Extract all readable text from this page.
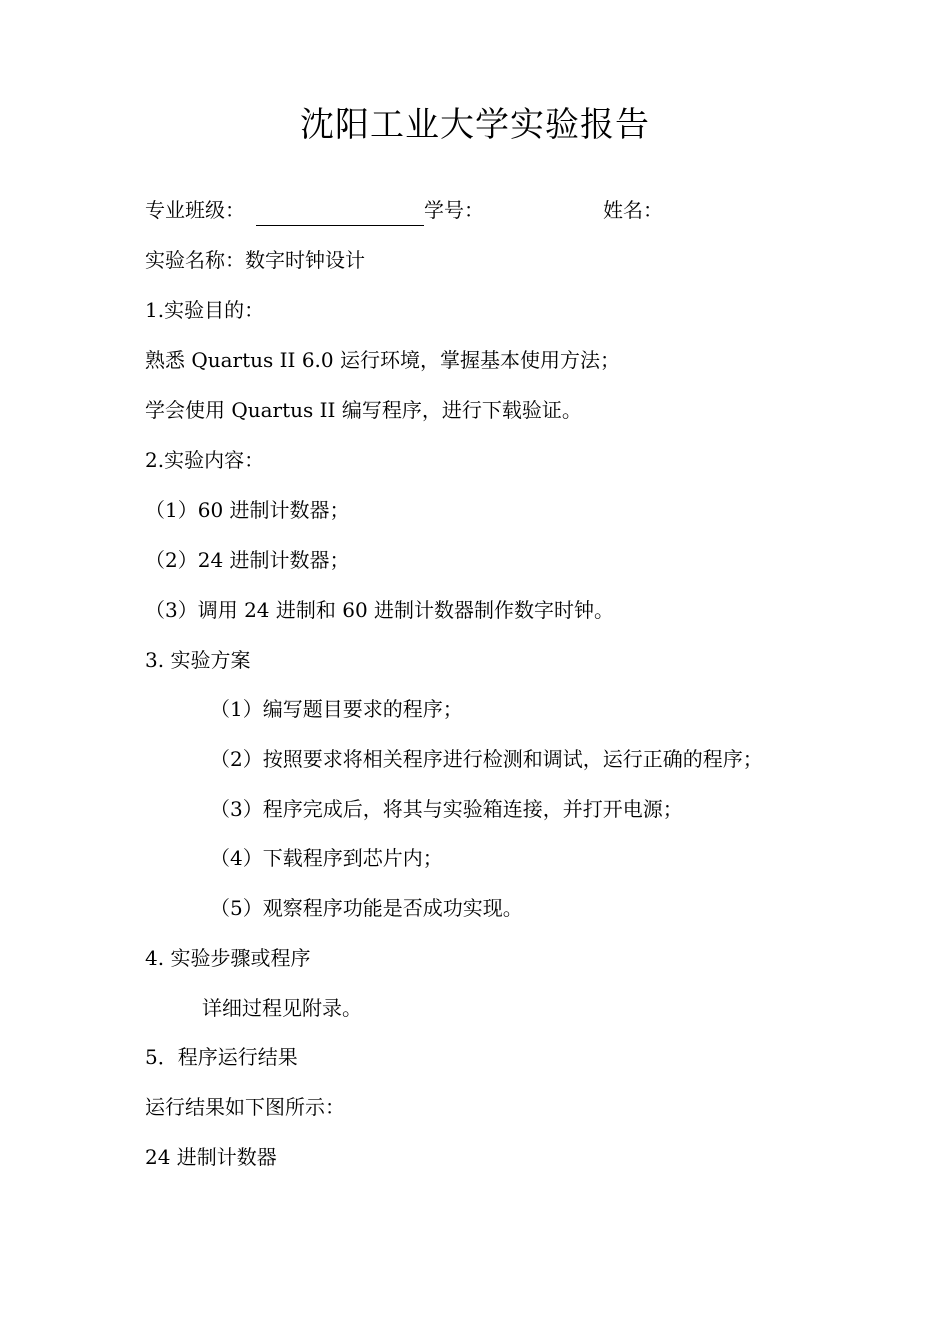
沈阳工业大学实验报告
专业班级：	学号：	姓名：
实验名称：数字时钟设计
1.实验目的：
熟悉 Quartus II 6.0 运行环境，掌握基本使用方法；
学会使用 Quartus II 编写程序，进行下载验证。
2.实验内容：
（1）60 进制计数器；
（2）24 进制计数器；
（3）调用 24 进制和 60 进制计数器制作数字时钟。
3. 实验方案
（1）编写题目要求的程序；
（2）按照要求将相关程序进行检测和调试，运行正确的程序；
（3）程序完成后，将其与实验箱连接，并打开电源；
（4）下载程序到芯片内；
（5）观察程序功能是否成功实现。
4. 实验步骤或程序
详细过程见附录。
5．程序运行结果
运行结果如下图所示：
24 进制计数器
